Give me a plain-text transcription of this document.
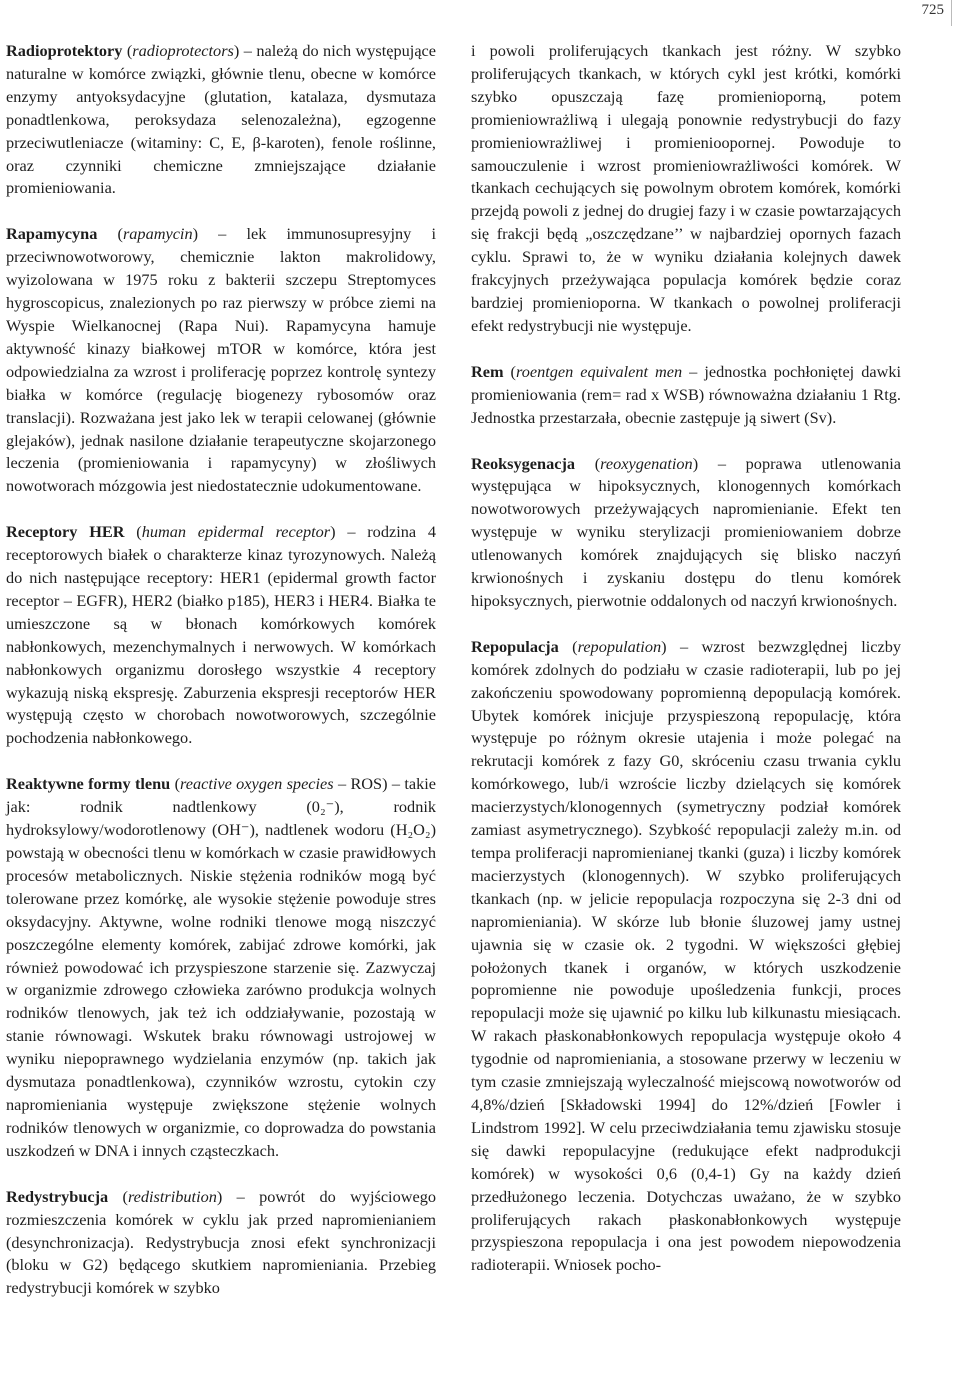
725

Radioprotektory (radioprotectors) – należą do nich występujące naturalne w komórce związki, głównie tlenu, obecne w komórce enzymy antyoksydacyjne (glutation, katalaza, dysmutaza ponadtlenkowa, peroksydaza selenozależna), egzogenne przeciwutleniacze (witaminy: C, E, β-karoten), fenole roślinne, oraz czynniki chemiczne zmniejszające działanie promieniowania.

Rapamycyna (rapamycin) – lek immunosupresyjny i przeciwnowotworowy, chemicznie lakton makrolidowy, wyizolowana w 1975 roku z bakterii szczepu Streptomyces hygroscopicus, znalezionych po raz pierwszy w próbce ziemi na Wyspie Wielkanocnej (Rapa Nui). Rapamycyna hamuje aktywność kinazy białkowej mTOR w komórce, która jest odpowiedzialna za wzrost i proliferację poprzez kontrolę syntezy białka w komórce (regulację biogenezy rybosomów oraz translacji). Rozważana jest jako lek w terapii celowanej (głównie glejaków), jednak nasilone działanie terapeutyczne skojarzonego leczenia (promieniowania i rapamycyny) w złośliwych nowotworach mózgowia jest niedostatecznie udokumentowane.

Receptory HER (human epidermal receptor) – rodzina 4 receptorowych białek o charakterze kinaz tyrozynowych. Należą do nich następujące receptory: HER1 (epidermal growth factor receptor – EGFR), HER2 (białko p185), HER3 i HER4. Białka te umieszczone są w błonach komórkowych komórek nabłonkowych, mezenchymalnych i nerwowych. W komórkach nabłonkowych organizmu dorosłego wszystkie 4 receptory wykazują niską ekspresję. Zaburzenia ekspresji receptorów HER występują często w chorobach nowotworowych, szczególnie pochodzenia nabłonkowego.

Reaktywne formy tlenu (reactive oxygen species – ROS) – takie jak: rodnik nadtlenkowy (0₂⁻), rodnik hydroksylowy/wodorotlenowy (OH⁻), nadtlenek wodoru (H₂O₂) powstają w obecności tlenu w komórkach w czasie prawidłowych procesów metabolicznych. Niskie stężenia rodników mogą być tolerowane przez komórkę, ale wysokie stężenie powoduje stres oksydacyjny. Aktywne, wolne rodniki tlenowe mogą niszczyć poszczególne elementy komórek, zabijać zdrowe komórki, jak również powodować ich przyspieszone starzenie się. Zazwyczaj w organizmie zdrowego człowieka zarówno produkcja wolnych rodników tlenowych, jak też ich oddziaływanie, pozostają w stanie równowagi. Wskutek braku równowagi ustrojowej w wyniku niepoprawnego wydzielania enzymów (np. takich jak dysmutaza ponadtlenkowa), czynników wzrostu, cytokin czy napromieniania występuje zwiększone stężenie wolnych rodników tlenowych w organizmie, co doprowadza do powstania uszkodzeń w DNA i innych cząsteczkach.

Redystrybucja (redistribution) – powrót do wyjściowego rozmieszczenia komórek w cyklu jak przed napromienianiem (desynchronizacja). Redystrybucja znosi efekt synchronizacji (bloku w G2) będącego skutkiem napromieniania. Przebieg redystrybucji komórek w szybko

i powoli proliferujących tkankach jest różny. W szybko proliferujących tkankach, w których cykl jest krótki, komórki szybko opuszczają fazę promienioporną, potem promieniowrażliwą i ulegają ponownie redystrybucji do fazy promieniowrażliwej i promienioopornej. Powoduje to samouczulenie i wzrost promieniowrażliwości komórek. W tkankach cechujących się powolnym obrotem komórek, komórki przejdą powoli z jednej do drugiej fazy i w czasie powtarzających się frakcji będą „oszczędzane’’ w najbardziej opornych fazach cyklu. Sprawi to, że w wyniku działania kolejnych dawek frakcyjnych przeżywająca populacja komórek będzie coraz bardziej promienioporna. W tkankach o powolnej proliferacji efekt redystrybucji nie występuje.

Rem (roentgen equivalent men – jednostka pochłoniętej dawki promieniowania (rem= rad x WSB) równoważna działaniu 1 Rtg. Jednostka przestarzała, obecnie zastępuje ją siwert (Sv).

Reoksygenacja (reoxygenation) – poprawa utlenowania występująca w hipoksycznych, klonogennych komórkach nowotworowych przeżywających napromienianie. Efekt ten występuje w wyniku sterylizacji promieniowaniem dobrze utlenowanych komórek znajdujących się blisko naczyń krwionośnych i zyskaniu dostępu do tlenu komórek hipoksycznych, pierwotnie oddalonych od naczyń krwionośnych.

Repopulacja (repopulation) – wzrost bezwzględnej liczby komórek zdolnych do podziału w czasie radioterapii, lub po jej zakończeniu spowodowany popromienną depopulacją komórek. Ubytek komórek inicjuje przyspieszoną repopulację, która występuje po różnym okresie utajenia i może polegać na rekrutacji komórek z fazy G0, skróceniu czasu trwania cyklu komórkowego, lub/i wzroście liczby dzielących się komórek macierzystych/klonogennych (symetryczny podział komórek zamiast asymetrycznego). Szybkość repopulacji zależy m.in. od tempa proliferacji napromienianej tkanki (guza) i liczby komórek macierzystych (klonogennych). W szybko proliferujących tkankach (np. w jelicie repopulacja rozpoczyna się 2-3 dni od napromieniania). W skórze lub błonie śluzowej jamy ustnej ujawnia się w czasie ok. 2 tygodni. W większości głębiej położonych tkanek i organów, w których uszkodzenie popromienne nie powoduje upośledzenia funkcji, proces repopulacji może się ujawnić po kilku lub kilkunastu miesiącach. W rakach płaskonabłonkowych repopulacja występuje około 4 tygodnie od napromieniania, a stosowane przerwy w leczeniu w tym czasie zmniejszają wyleczalność miejscową nowotworów od 4,8%/dzień [Składowski 1994] do 12%/dzień [Fowler i Lindstrom 1992]. W celu przeciwdziałania temu zjawisku stosuje się dawki repopulacyjne (redukujące efekt nadprodukcji komórek) w wysokości 0,6 (0,4-1) Gy na każdy dzień przedłużonego leczenia. Dotychczas uważano, że w szybko proliferujących rakach płaskonabłonkowych występuje przyspieszona repopulacja i ona jest powodem niepowodzenia radioterapii. Wniosek pocho-
